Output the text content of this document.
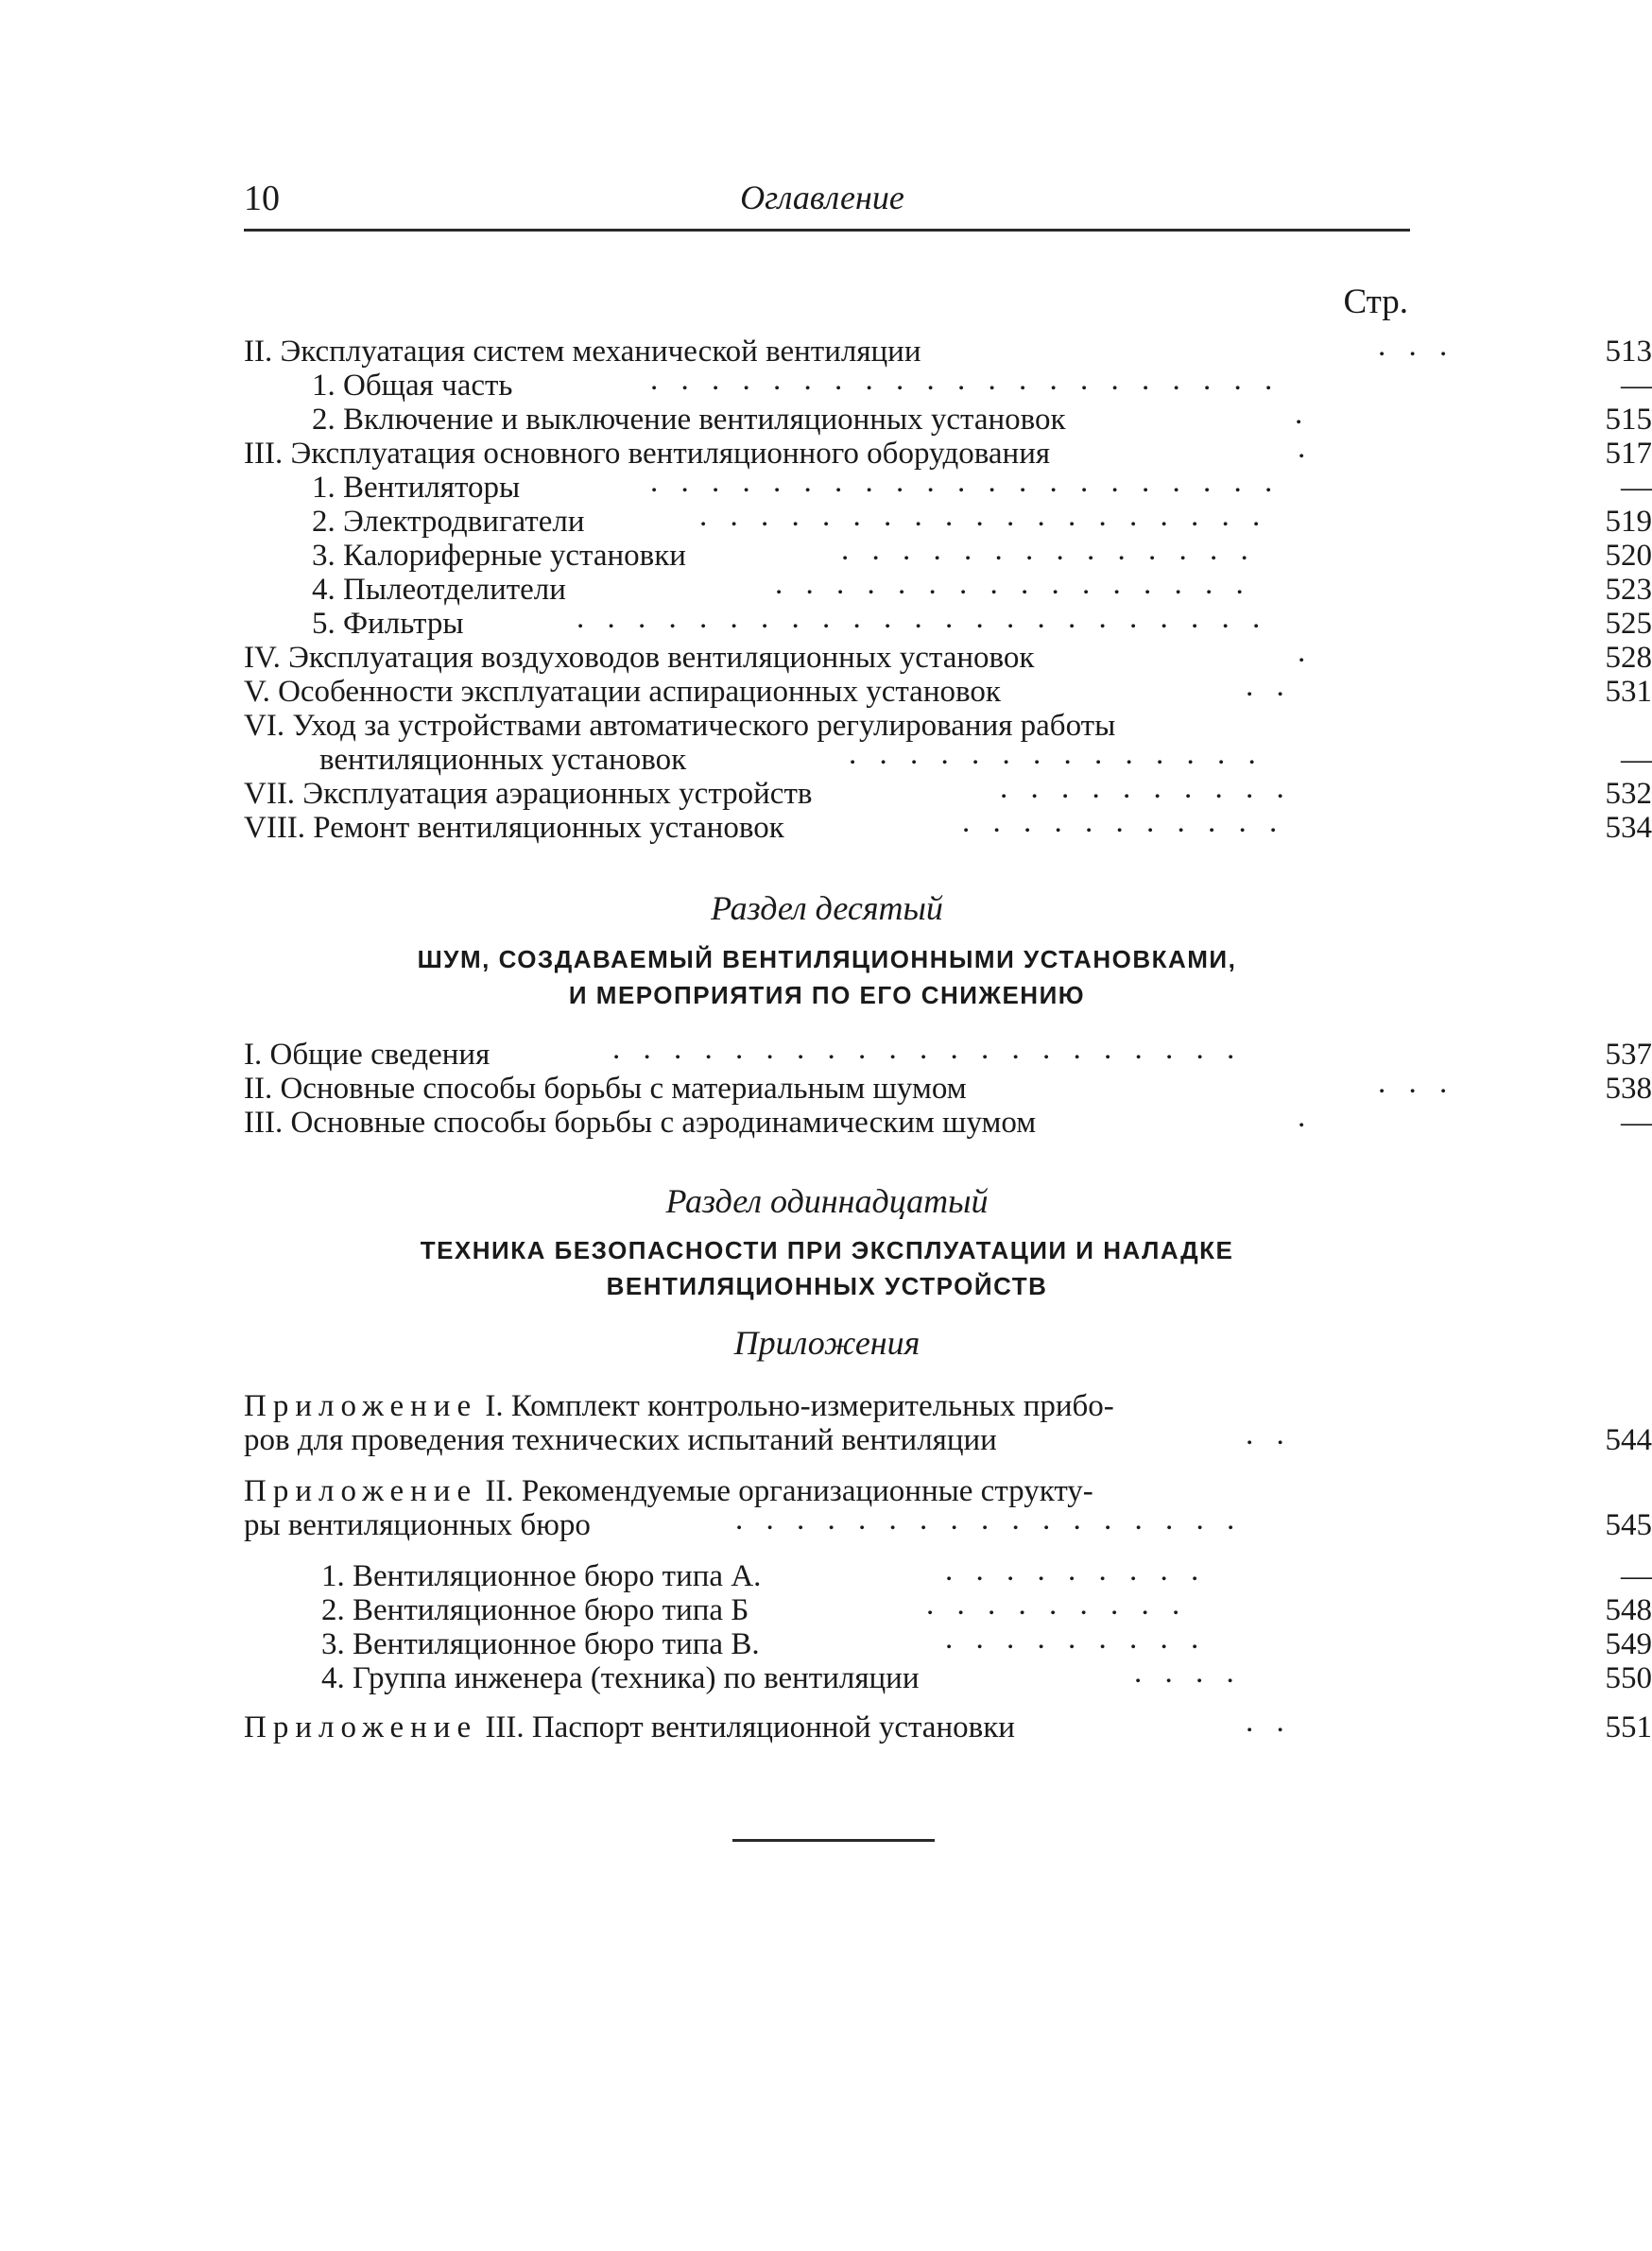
10	Оглавление
Стр.
II. Эксплуатация систем механической вентиляции	. . .	513
1. Общая часть	. . . . . . . . . . . . . . . . . . . . .	—
2. Включение и выключение вентиляционных установок	.	515
III. Эксплуатация основного вентиляционного оборудования	.	517
1. Вентиляторы	. . . . . . . . . . . . . . . . . . . . .	—
2. Электродвигатели	. . . . . . . . . . . . . . . . . . .	519
3. Калориферные установки	. . . . . . . . . . . . . .	520
4. Пылеотделители	. . . . . . . . . . . . . . . .	523
5. Фильтры	. . . . . . . . . . . . . . . . . . . . . . .	525
IV. Эксплуатация воздуховодов вентиляционных установок	.	528
V. Особенности эксплуатации аспирационных установок	. .	531
VI. Уход за устройствами автоматического регулирования работы
вентиляционных установок	. . . . . . . . . . . . . .	—
VII. Эксплуатация аэрационных устройств	. . . . . . . . . .	532
VIII. Ремонт вентиляционных установок	. . . . . . . . . . .	534
Раздел десятый
ШУМ, СОЗДАВАЕМЫЙ ВЕНТИЛЯЦИОННЫМИ УСТАНОВКАМИ,
И МЕРОПРИЯТИЯ ПО ЕГО СНИЖЕНИЮ
I. Общие сведения	. . . . . . . . . . . . . . . . . . . . .	537
II. Основные способы борьбы с материальным шумом	. . .	538
III. Основные способы борьбы с аэродинамическим шумом	.	—
Раздел одиннадцатый
ТЕХНИКА БЕЗОПАСНОСТИ ПРИ ЭКСПЛУАТАЦИИ И НАЛАДКЕ
ВЕНТИЛЯЦИОННЫХ УСТРОЙСТВ
Приложения
Приложение I. Комплект контрольно-измерительных прибо-
ров для проведения технических испытаний вентиляции	. .	544
Приложение II. Рекомендуемые организационные структу-
ры вентиляционных бюро	. . . . . . . . . . . . . . . . .	545
1. Вентиляционное бюро типа А.	. . . . . . . . .	—
2. Вентиляционное бюро типа Б	. . . . . . . . .	548
3. Вентиляционное бюро типа В.	. . . . . . . . .	549
4. Группа инженера (техника) по вентиляции	. . . .	550
Приложение III. Паспорт вентиляционной установки	. .	551
